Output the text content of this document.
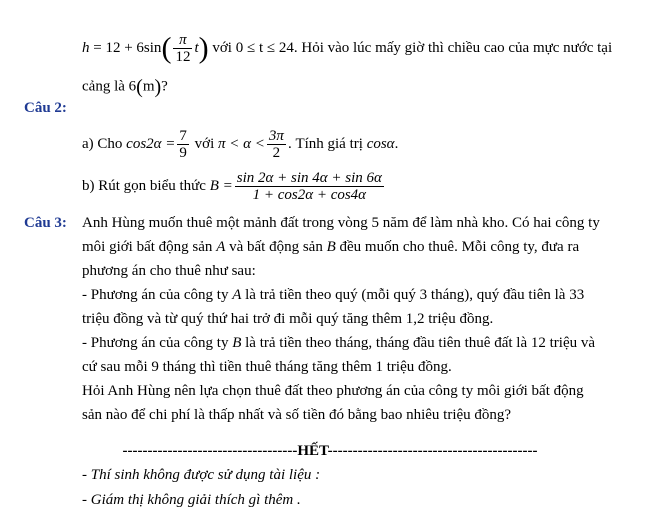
$h = 12 + 6\sin( \frac{\pi}{12} t)$ với 0 ≤ t ≤ 24. Hỏi vào lúc mấy giờ thì chiều cao của mực nước tại
cảng là 6(m)?
Câu 2:
a) Cho $\cos 2\alpha = \frac{7}{9}$ với $\pi < \alpha < \frac{3\pi}{2}$ . Tính giá trị cosα.
b) Rút gọn biểu thức $B = \frac{\sin 2\alpha + \sin 4\alpha + \sin 6\alpha}{1 + \cos 2\alpha + \cos 4\alpha}$
Câu 3: Anh Hùng muốn thuê một mảnh đất trong vòng 5 năm để làm nhà kho. Có hai công ty
môi giới bất động sản A và bất động sản B đều muốn cho thuê. Mỗi công ty, đưa ra
phương án cho thuê như sau:
- Phương án của công ty A là trả tiền theo quý (mỗi quý 3 tháng), quý đầu tiên là 33
triệu đồng và từ quý thứ hai trở đi mỗi quý tăng thêm 1,2 triệu đồng.
- Phương án của công ty B là trả tiền theo tháng, tháng đầu tiên thuê đất là 12 triệu và
cứ sau mỗi 9 tháng thì tiền thuê tháng tăng thêm 1 triệu đồng.
Hỏi Anh Hùng nên lựa chọn thuê đất theo phương án của công ty môi giới bất động
sản nào để chi phí là thấp nhất và số tiền đó bằng bao nhiêu triệu đồng?
-----------------------------------HẾT------------------------------------------
- Thí sinh không được sử dụng tài liệu :
- Giám thị không giải thích gì thêm .
